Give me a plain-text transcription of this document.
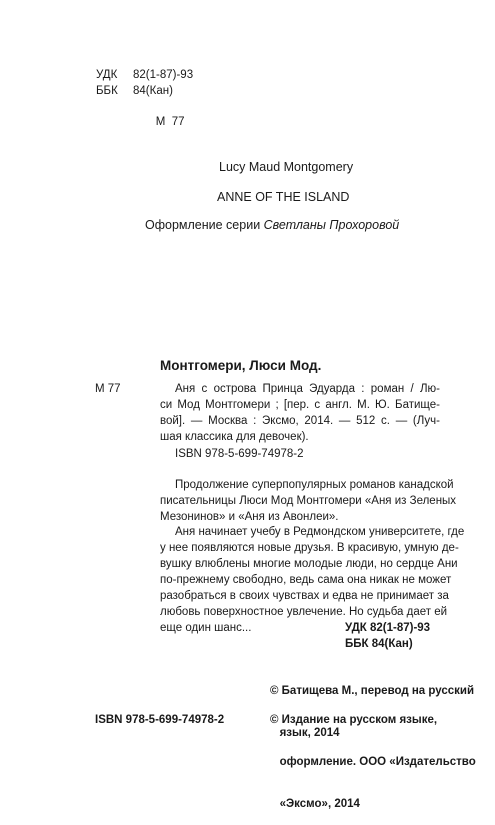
УДК 82(1-87)-93
ББК 84(Кан)

М  77

Lucy Maud Montgomery
ANNE OF THE ISLAND
Оформление серии Светланы Прохоровой
Монтгомери, Люси Мод.
М 77	Аня с острова Принца Эдуарда : роман / Лю-
си Мод Монтгомери ; [пер. с англ. М. Ю. Батище-
вой]. — Москва : Эксмо, 2014. — 512 с. — (Луч-
шая классика для девочек).
ISBN 978-5-699-74978-2
Продолжение суперпопулярных романов канадской
писательницы Люси Мод Монтгомери «Аня из Зеленых
Мезонинов» и «Аня из Авонлеи».
Аня начинает учебу в Редмондском университете, где
у нее появляются новые друзья. В красивую, умную де-
вушку влюблены многие молодые люди, но сердце Ани
по-прежнему свободно, ведь сама она никак не может
разобраться в своих чувствах и едва не принимает за
любовь поверхностное увлечение. Но судьба дает ей
еще один шанс...	УДК 82(1-87)-93
ББК 84(Кан)

© Батищева М., перевод на русский

язык, 2014

© Издание на русском языке,

оформление. ООО «Издательство

«Эксмо», 2014

ISBN 978-5-699-74978-2
